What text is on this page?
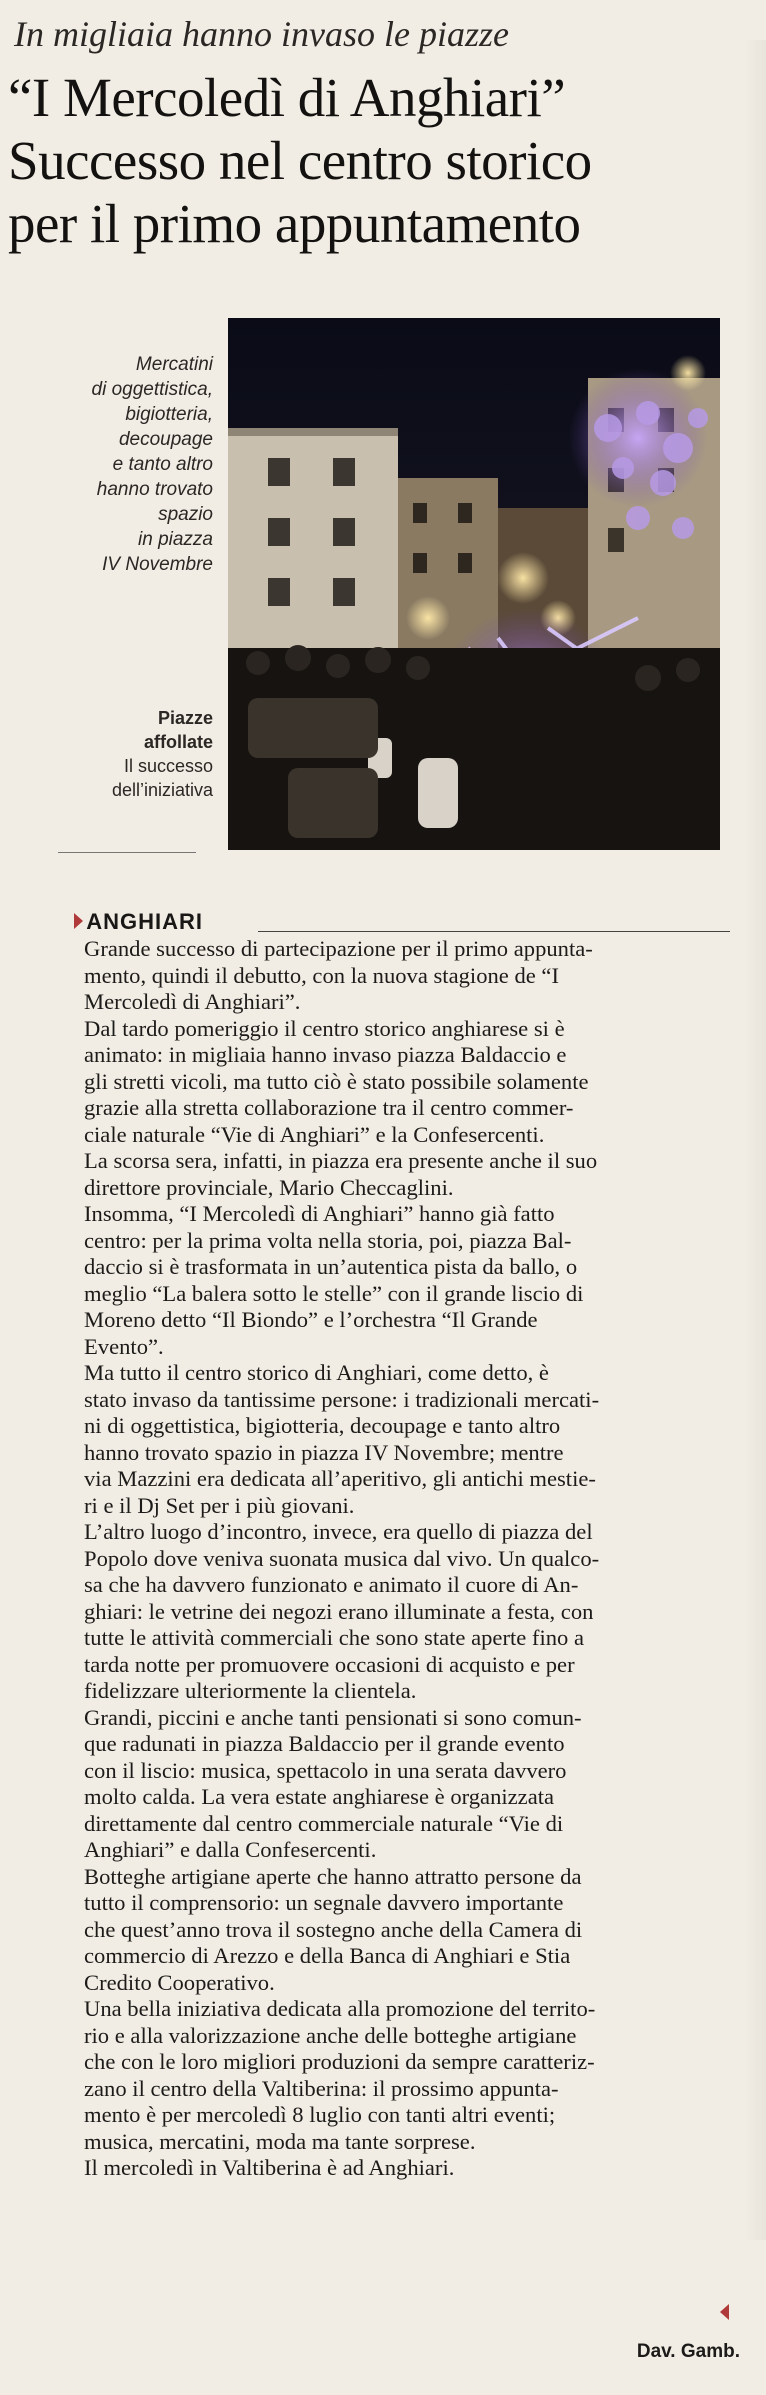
In migliaia hanno invaso le piazze
“I Mercoledì di Anghiari”
Successo nel centro storico
per il primo appuntamento
Mercatini
di oggettistica,
bigiotteria,
decoupage
e tanto altro
hanno trovato
spazio
in piazza
IV Novembre
Piazze
affollate
Il successo
dell’iniziativa
ANGHIARI

Grande successo di partecipazione per il primo appunta-

mento, quindi il debutto, con la nuova stagione de “I

Mercoledì di Anghiari”.

Dal tardo pomeriggio il centro storico anghiarese si è

animato: in migliaia hanno invaso piazza Baldaccio e

gli stretti vicoli, ma tutto ciò è stato possibile solamente

grazie alla stretta collaborazione tra il centro commer-

ciale naturale “Vie di Anghiari” e la Confesercenti.

La scorsa sera, infatti, in piazza era presente anche il suo

direttore provinciale, Mario Checcaglini.

Insomma, “I Mercoledì di Anghiari” hanno già fatto

centro: per la prima volta nella storia, poi, piazza Bal-

daccio si è trasformata in un’autentica pista da ballo, o

meglio “La balera sotto le stelle” con il grande liscio di

Moreno detto “Il Biondo” e l’orchestra “Il Grande

Evento”.

Ma tutto il centro storico di Anghiari, come detto, è

stato invaso da tantissime persone: i tradizionali mercati-

ni di oggettistica, bigiotteria, decoupage e tanto altro

hanno trovato spazio in piazza IV Novembre; mentre

via Mazzini era dedicata all’aperitivo, gli antichi mestie-

ri e il Dj Set per i più giovani.

L’altro luogo d’incontro, invece, era quello di piazza del

Popolo dove veniva suonata musica dal vivo. Un qualco-

sa che ha davvero funzionato e animato il cuore di An-

ghiari: le vetrine dei negozi erano illuminate a festa, con

tutte le attività commerciali che sono state aperte fino a

tarda notte per promuovere occasioni di acquisto e per

fidelizzare ulteriormente la clientela.

Grandi, piccini e anche tanti pensionati si sono comun-

que radunati in piazza Baldaccio per il grande evento

con il liscio: musica, spettacolo in una serata davvero

molto calda. La vera estate anghiarese è organizzata

direttamente dal centro commerciale naturale “Vie di

Anghiari” e dalla Confesercenti.

Botteghe artigiane aperte che hanno attratto persone da

tutto il comprensorio: un segnale davvero importante

che quest’anno trova il sostegno anche della Camera di

commercio di Arezzo e della Banca di Anghiari e Stia

Credito Cooperativo.

Una bella iniziativa dedicata alla promozione del territo-

rio e alla valorizzazione anche delle botteghe artigiane

che con le loro migliori produzioni da sempre caratteriz-

zano il centro della Valtiberina: il prossimo appunta-

mento è per mercoledì 8 luglio con tanti altri eventi;

musica, mercatini, moda ma tante sorprese.

Il mercoledì in Valtiberina è ad Anghiari.

Dav. Gamb.
